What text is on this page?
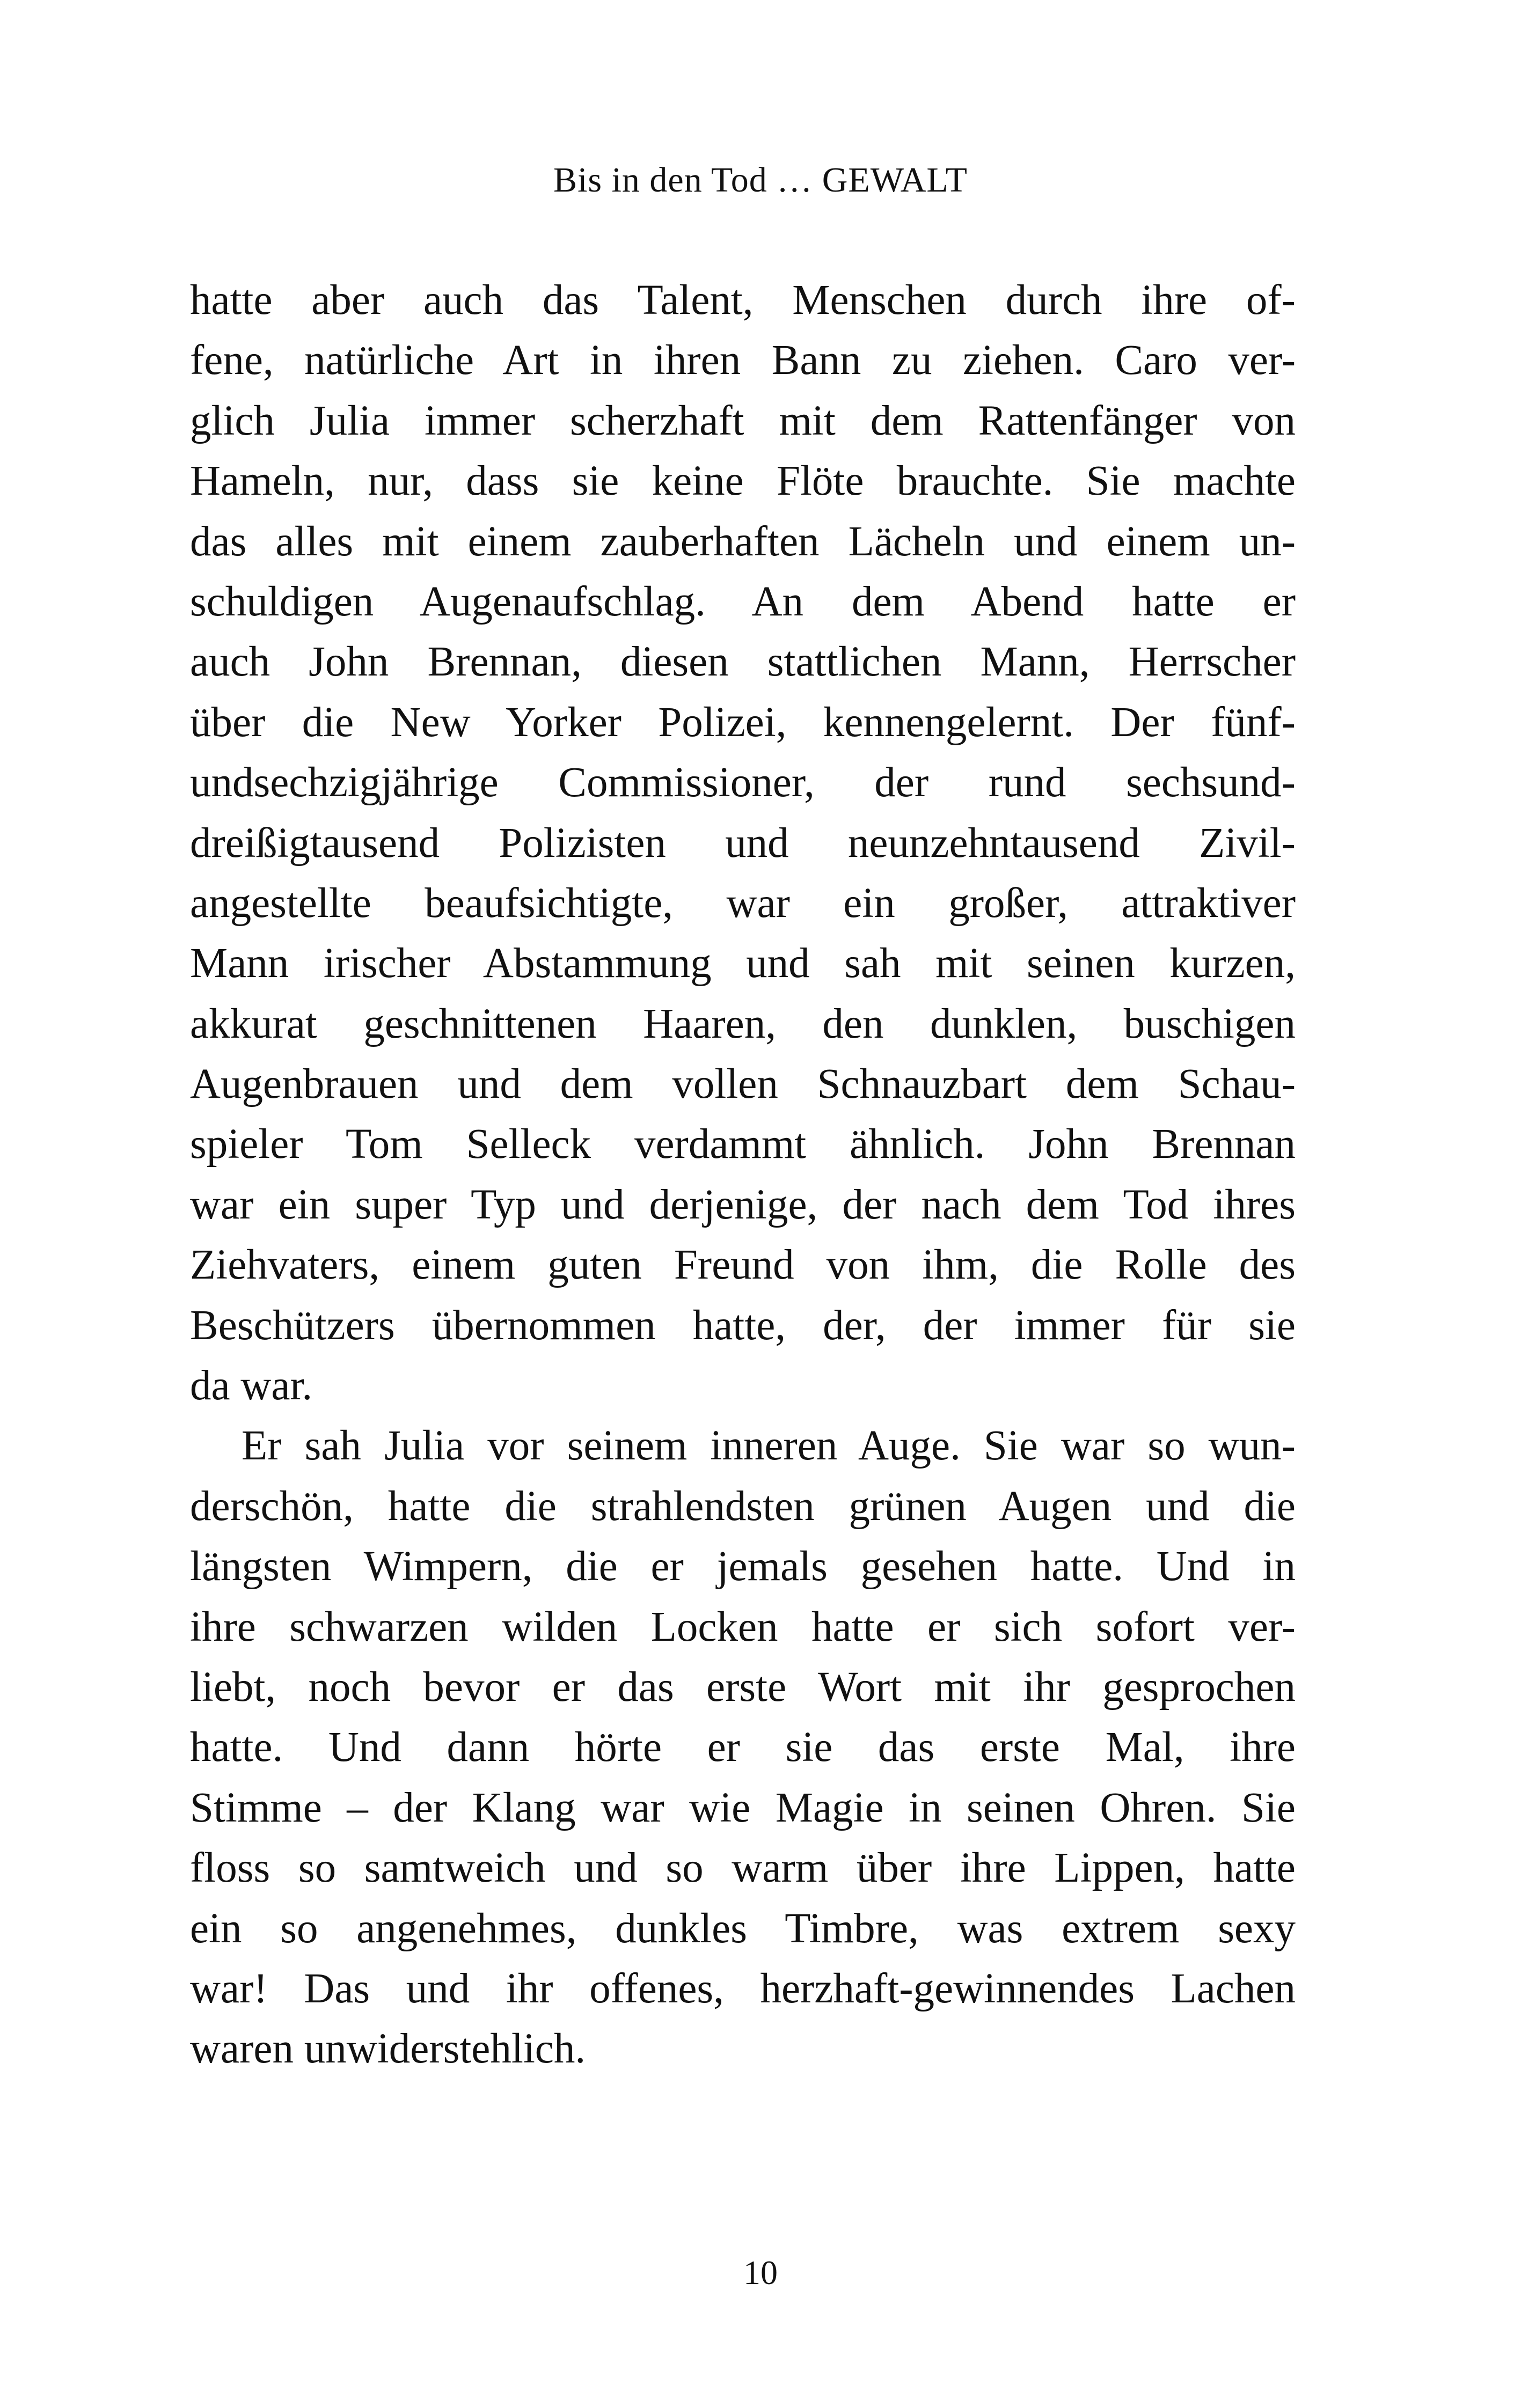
Bis in den Tod … GEWALT
hatte aber auch das Talent, Menschen durch ihre of-
fene, natürliche Art in ihren Bann zu ziehen. Caro ver-
glich Julia immer scherzhaft mit dem Rattenfänger von
Hameln, nur, dass sie keine Flöte brauchte. Sie machte
das alles mit einem zauberhaften Lächeln und einem un-
schuldigen Augenaufschlag. An dem Abend hatte er
auch John Brennan, diesen stattlichen Mann, Herrscher
über die New Yorker Polizei, kennengelernt. Der fünf-
undsechzigjährige Commissioner, der rund sechsund-
dreißigtausend Polizisten und neunzehntausend Zivil-
angestellte beaufsichtigte, war ein großer, attraktiver
Mann irischer Abstammung und sah mit seinen kurzen,
akkurat geschnittenen Haaren, den dunklen, buschigen
Augenbrauen und dem vollen Schnauzbart dem Schau-
spieler Tom Selleck verdammt ähnlich. John Brennan
war ein super Typ und derjenige, der nach dem Tod ihres
Ziehvaters, einem guten Freund von ihm, die Rolle des
Beschützers übernommen hatte, der, der immer für sie
da war.
Er sah Julia vor seinem inneren Auge. Sie war so wun-
derschön, hatte die strahlendsten grünen Augen und die
längsten Wimpern, die er jemals gesehen hatte. Und in
ihre schwarzen wilden Locken hatte er sich sofort ver-
liebt, noch bevor er das erste Wort mit ihr gesprochen
hatte. Und dann hörte er sie das erste Mal, ihre
Stimme – der Klang war wie Magie in seinen Ohren. Sie
floss so samtweich und so warm über ihre Lippen, hatte
ein so angenehmes, dunkles Timbre, was extrem sexy
war! Das und ihr offenes, herzhaft-gewinnendes Lachen
waren unwiderstehlich.
10
